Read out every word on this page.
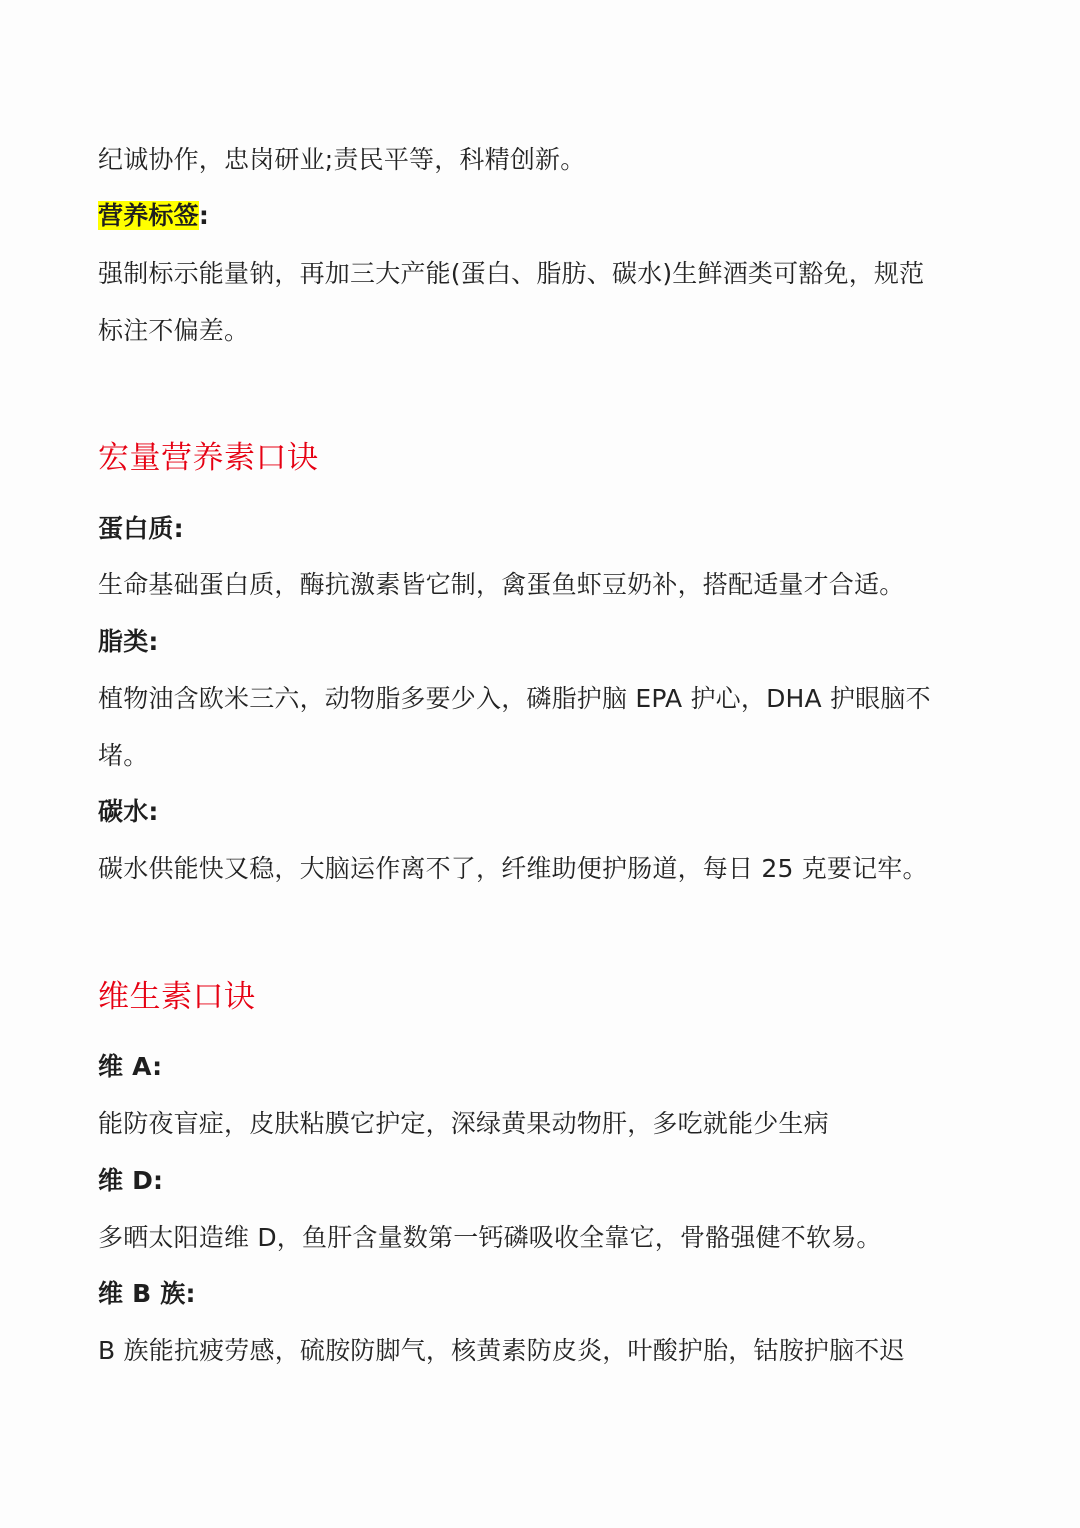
纪诚协作，忠岗研业;责民平等，科精创新。
营养标签:
强制标示能量钠，再加三大产能(蛋白、脂肪、碳水)生鲜酒类可豁免，规范
标注不偏差。
宏量营养素口诀
蛋白质:
生命基础蛋白质，酶抗激素皆它制，禽蛋鱼虾豆奶补，搭配适量才合适。
脂类:
植物油含欧米三六，动物脂多要少入，磷脂护脑 EPA 护心，DHA 护眼脑不
堵。
碳水:
碳水供能快又稳，大脑运作离不了，纤维助便护肠道，每日 25 克要记牢。
维生素口诀
维 A:
能防夜盲症，皮肤粘膜它护定，深绿黄果动物肝，多吃就能少生病
维 D:
多晒太阳造维 D，鱼肝含量数第一钙磷吸收全靠它，骨骼强健不软易。
维 B 族:
B 族能抗疲劳感，硫胺防脚气，核黄素防皮炎，叶酸护胎，钴胺护脑不迟
